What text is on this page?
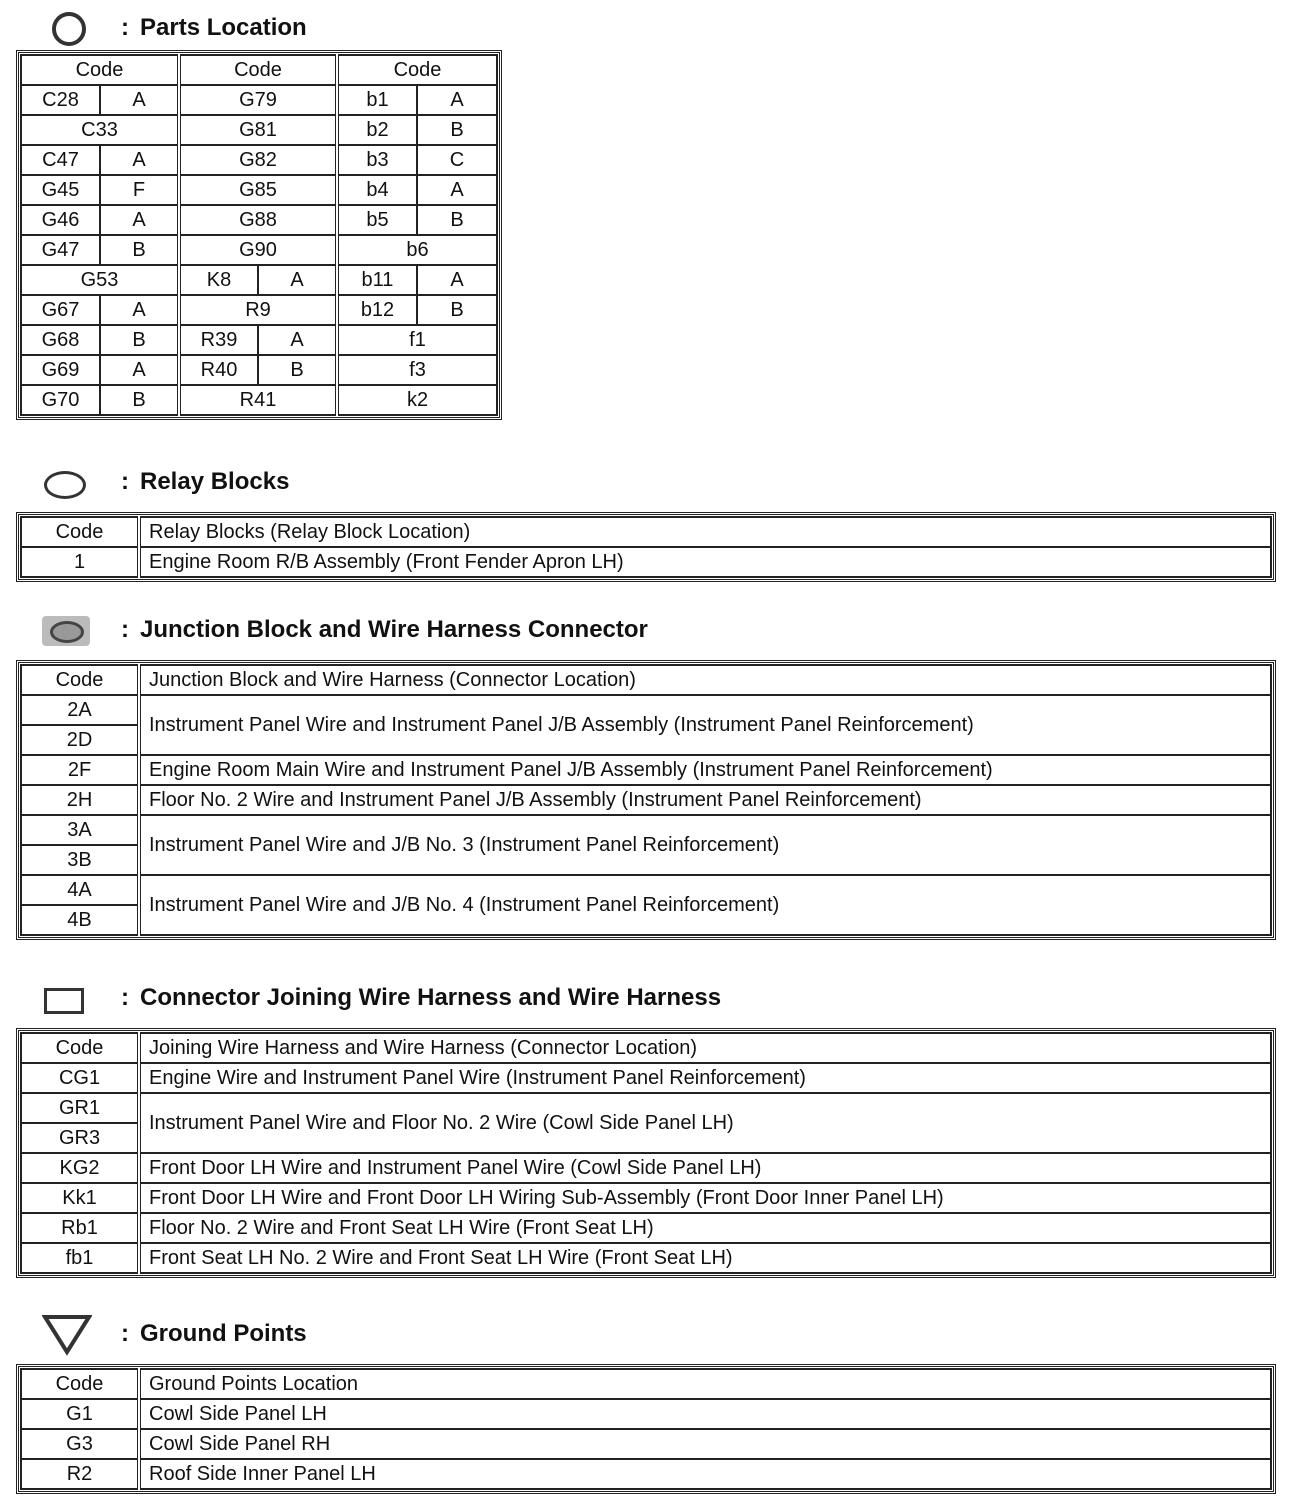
: Parts Location
Code		Code		Code	
C28	A	G79		b1	A
C33		G81		b2	B
C47	A	G82		b3	C
G45	F	G85		b4	A
G46	A	G88		b5	B
G47	B	G90		b6	
G53		K8	A	b11	A
G67	A	R9		b12	B
G68	B	R39	A	f1	
G69	A	R40	B	f3	
G70	B	R41		k2	
: Relay Blocks
Code	Relay Blocks (Relay Block Location)
1	Engine Room R/B Assembly (Front Fender Apron LH)
: Junction Block and Wire Harness Connector
Code	Junction Block and Wire Harness (Connector Location)
2A	Instrument Panel Wire and Instrument Panel J/B Assembly (Instrument Panel Reinforcement)
2D	
2F	Engine Room Main Wire and Instrument Panel J/B Assembly (Instrument Panel Reinforcement)
2H	Floor No. 2 Wire and Instrument Panel J/B Assembly (Instrument Panel Reinforcement)
3A	Instrument Panel Wire and J/B No. 3 (Instrument Panel Reinforcement)
3B	
4A	Instrument Panel Wire and J/B No. 4 (Instrument Panel Reinforcement)
4B	
: Connector Joining Wire Harness and Wire Harness
Code	Joining Wire Harness and Wire Harness (Connector Location)
CG1	Engine Wire and Instrument Panel Wire (Instrument Panel Reinforcement)
GR1	Instrument Panel Wire and Floor No. 2 Wire (Cowl Side Panel LH)
GR3	
KG2	Front Door LH Wire and Instrument Panel Wire (Cowl Side Panel LH)
Kk1	Front Door LH Wire and Front Door LH Wiring Sub-Assembly (Front Door Inner Panel LH)
Rb1	Floor No. 2 Wire and Front Seat LH Wire (Front Seat LH)
fb1	Front Seat LH No. 2 Wire and Front Seat LH Wire (Front Seat LH)
: Ground Points
Code	Ground Points Location
G1	Cowl Side Panel LH
G3	Cowl Side Panel RH
R2	Roof Side Inner Panel LH
